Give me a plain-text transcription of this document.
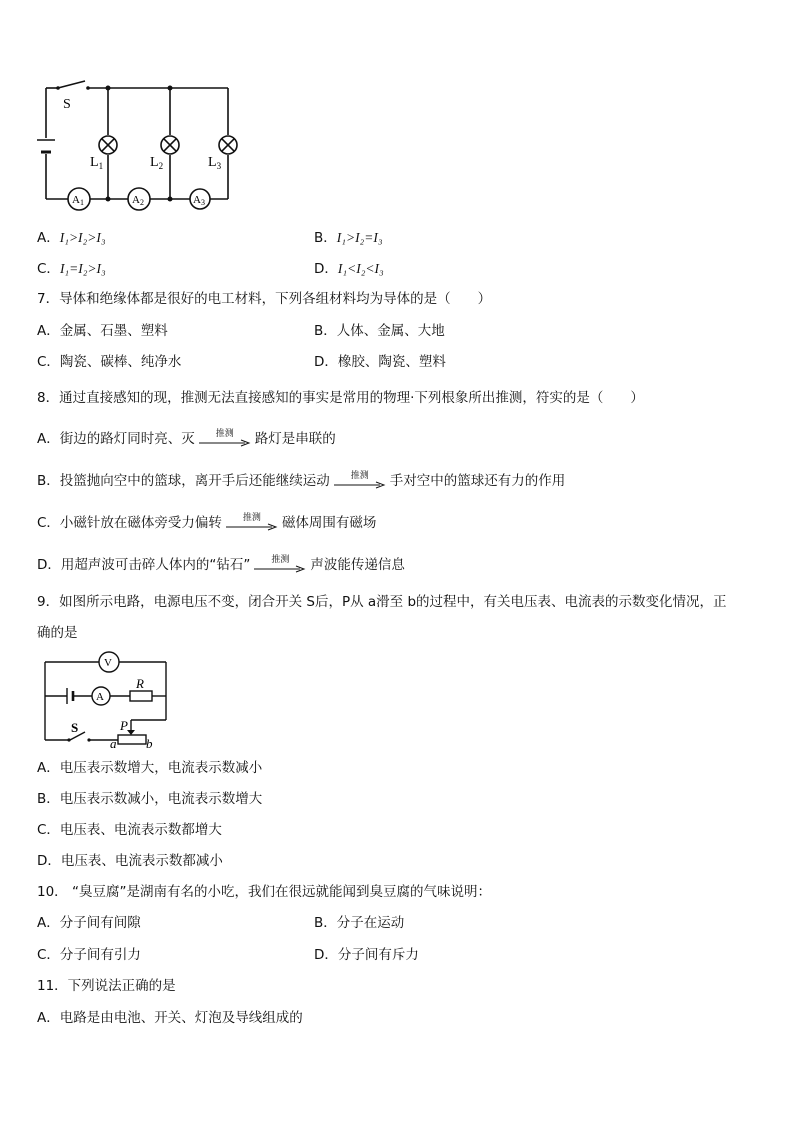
S
$L_1$	$L_2$	$L_3$
A1	A2	A3
A．I₁>I₂>I₃	B．I₁>I₂=I₃
C．I₁=I₂>I₃	D．I₁<I₂<I₃
7．导体和绝缘体都是很好的电工材料，下列各组材料均为导体的是（　　）
A．金属、石墨、塑料	B．人体、金属、大地
C．陶瓷、碳棒、纯净水	D．橡胶、陶瓷、塑料
8．通过直接感知的现，推测无法直接感知的事实是常用的物理·下列根象所出推测，符实的是（　　）
A．街边的路灯同时亮、灭	推测	路灯是串联的
B．投篮抛向空中的篮球，离开手后还能继续运动	推测	手对空中的篮球还有力的作用
C．小磁针放在磁体旁受力偏转	推测	磁体周围有磁场
D．用超声波可击碎人体内的“钻石”	推测	声波能传递信息
9．如图所示电路，电源电压不变，闭合开关 S后，P从 a滑至 b的过程中，有关电压表、电流表的示数变化情况，正
确的是
V
A
R
S	P
a b
A．电压表示数增大，电流表示数减小
B．电压表示数减小，电流表示数增大
C．电压表、电流表示数都增大
D．电压表、电流表示数都减小
10． “臭豆腐”是湖南有名的小吃，我们在很远就能闻到臭豆腐的气味说明：
A．分子间有间隙	B．分子在运动
C．分子间有引力	D．分子间有斥力
11．下列说法正确的是
A．电路是由电池、开关、灯泡及导线组成的
